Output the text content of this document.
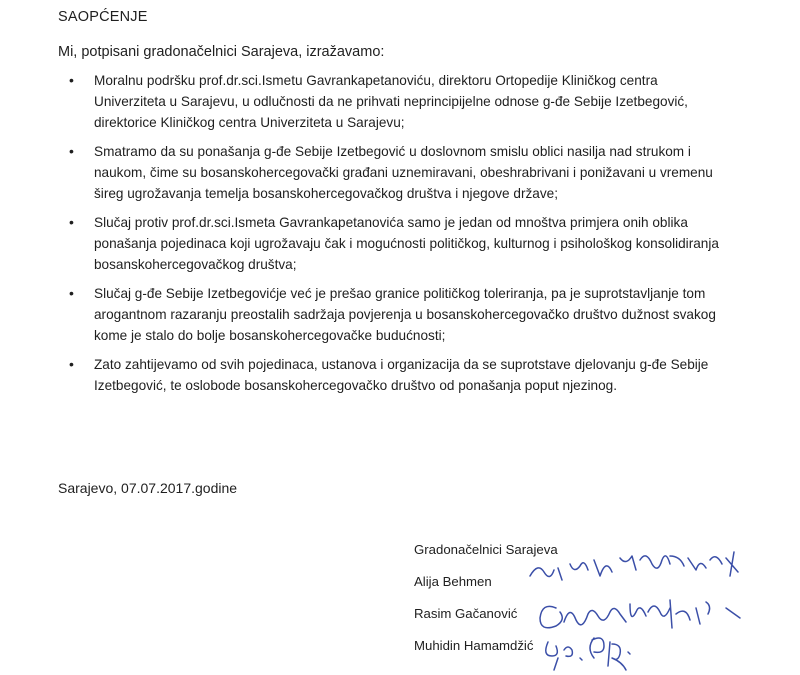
SAOPĆENJE
Mi, potpisani gradonačelnici Sarajeva, izražavamo:
• Moralnu podršku prof.dr.sci.Ismetu Gavrankapetanoviću, direktoru Ortopedije Kliničkog centra Univerziteta u Sarajevu, u odlučnosti da ne prihvati neprincipijelne odnose g-đe Sebije Izetbegović, direktorice Kliničkog centra Univerziteta u Sarajevu;
• Smatramo da su ponašanja g-đe Sebije Izetbegović u doslovnom smislu oblici nasilja nad strukom i naukom, čime su bosanskohercegovački građani uznemiravani, obeshrabrivani i ponižavani u vremenu šireg ugrožavanja temelja bosanskohercegovačkog društva i njegove države;
• Slučaj protiv prof.dr.sci.Ismeta Gavrankapetanovića samo je jedan od mnoštva primjera onih oblika ponašanja pojedinaca koji ugrožavaju čak i mogućnosti političkog, kulturnog i psihološkog konsolidiranja bosanskohercegovačkog društva;
• Slučaj g-đe Sebije Izetbegovićje već je prešao granice političkog toleriranja, pa je suprotstavljanje tom arogantnom razaranju preostalih sadržaja povjerenja u bosanskohercegovačko društvo dužnost svakog kome je stalo do bolje bosanskohercegovačke budućnosti;
• Zato zahtijevamo od svih pojedinaca, ustanova i organizacija da se suprotstave djelovanju g-đe Sebije Izetbegović, te oslobode bosanskohercegovačko društvo od ponašanja poput njezinog.
Sarajevo, 07.07.2017.godine
Gradonačelnici Sarajeva
Alija Behmen
Rasim Gačanović
Muhidin Hamamdžić
